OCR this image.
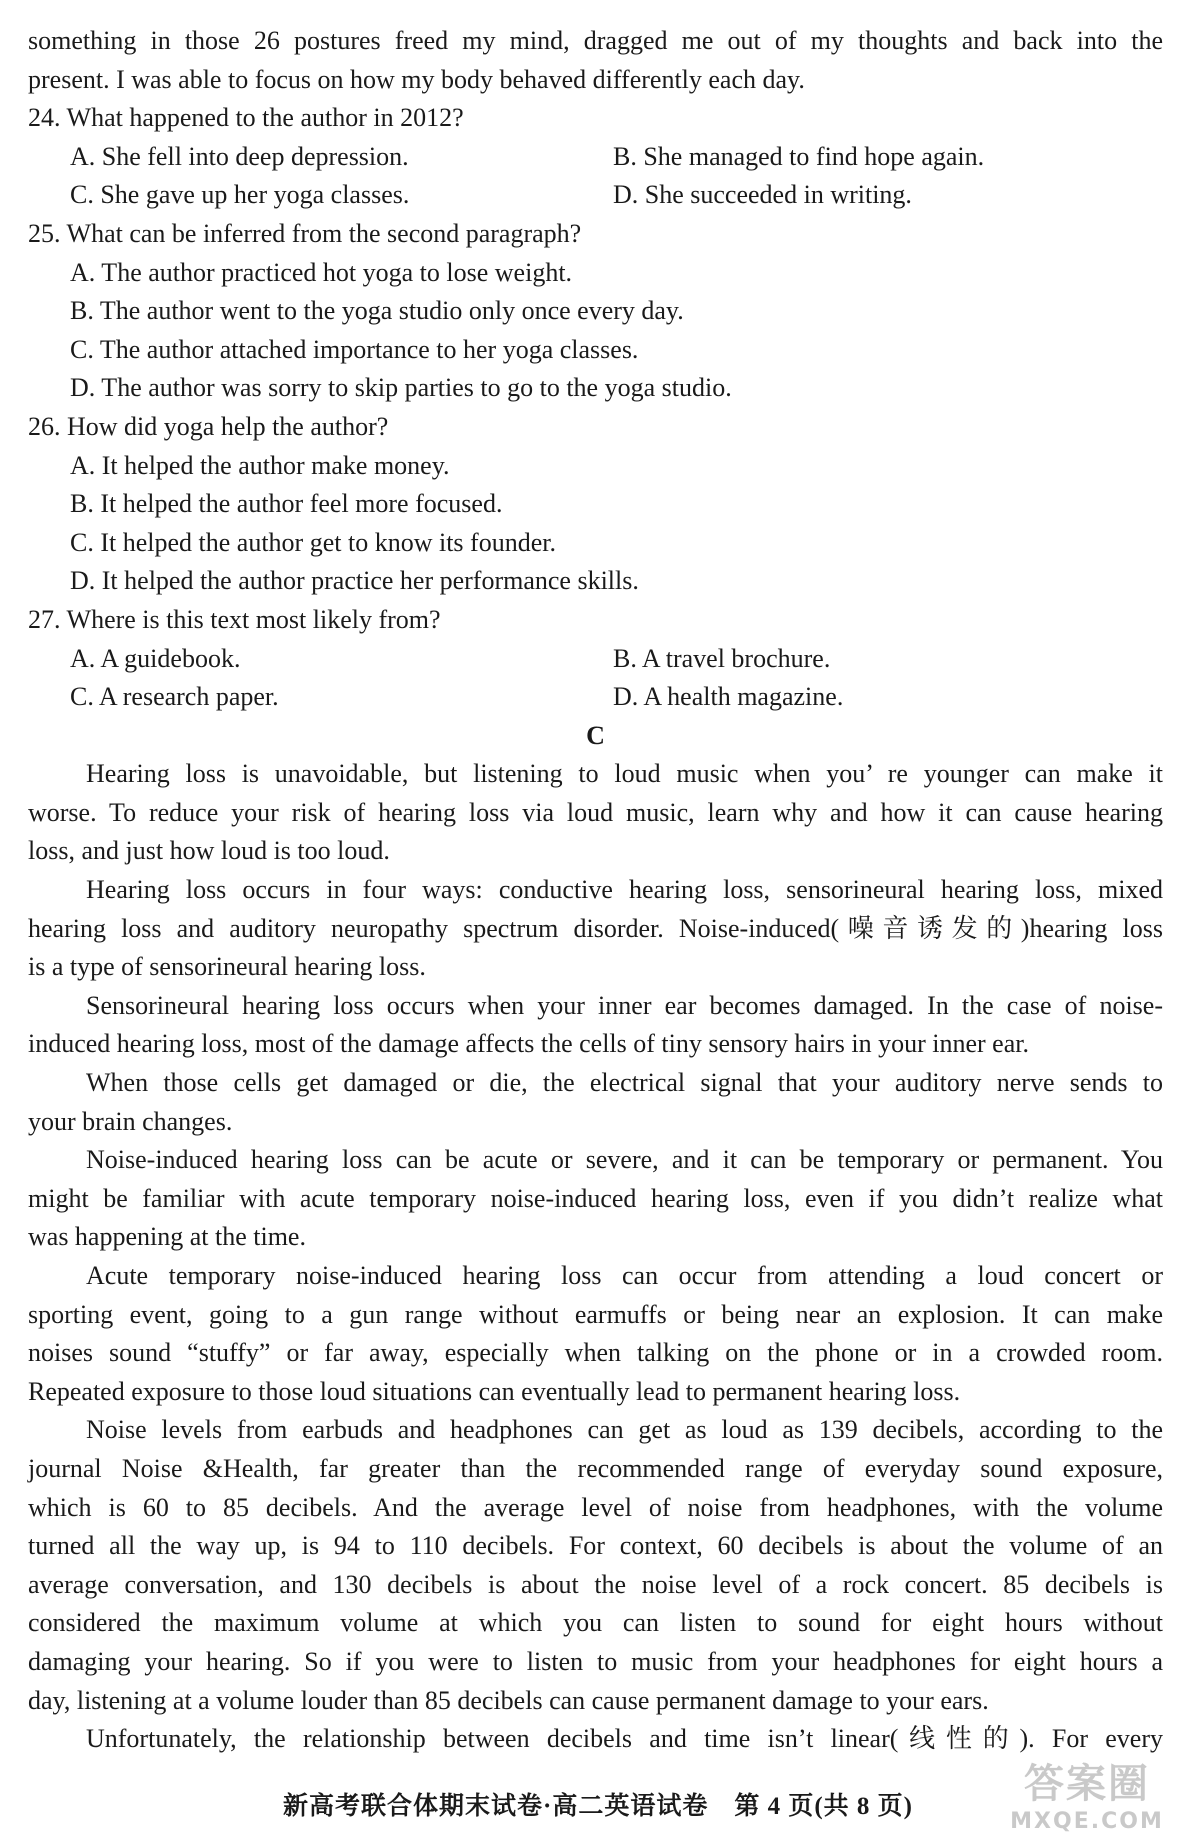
something in those 26 postures freed my mind, dragged me out of my thoughts and back into the
present. I was able to focus on how my body behaved differently each day.
24. What happened to the author in 2012?
A. She fell into deep depression.	B. She managed to find hope again.
C. She gave up her yoga classes.	D. She succeeded in writing.
25. What can be inferred from the second paragraph?
A. The author practiced hot yoga to lose weight.
B. The author went to the yoga studio only once every day.
C. The author attached importance to her yoga classes.
D. The author was sorry to skip parties to go to the yoga studio.
26. How did yoga help the author?
A. It helped the author make money.
B. It helped the author feel more focused.
C. It helped the author get to know its founder.
D. It helped the author practice her performance skills.
27. Where is this text most likely from?
A. A guidebook.	B. A travel brochure.
C. A research paper.	D. A health magazine.
C
Hearing loss is unavoidable, but listening to loud music when you’ re younger can make it
worse. To reduce your risk of hearing loss via loud music, learn why and how it can cause hearing
loss, and just how loud is too loud.
Hearing loss occurs in four ways: conductive hearing loss, sensorineural hearing loss, mixed
hearing loss and auditory neuropathy spectrum disorder. Noise-induced(噪音诱发的)hearing loss
is a type of sensorineural hearing loss.
Sensorineural hearing loss occurs when your inner ear becomes damaged. In the case of noise-
induced hearing loss, most of the damage affects the cells of tiny sensory hairs in your inner ear.
When those cells get damaged or die, the electrical signal that your auditory nerve sends to
your brain changes.
Noise-induced hearing loss can be acute or severe, and it can be temporary or permanent. You
might be familiar with acute temporary noise-induced hearing loss, even if you didn’t realize what
was happening at the time.
Acute temporary noise-induced hearing loss can occur from attending a loud concert or
sporting event, going to a gun range without earmuffs or being near an explosion. It can make
noises sound “stuffy” or far away, especially when talking on the phone or in a crowded room.
Repeated exposure to those loud situations can eventually lead to permanent hearing loss.
Noise levels from earbuds and headphones can get as loud as 139 decibels, according to the
journal Noise &Health, far greater than the recommended range of everyday sound exposure,
which is 60 to 85 decibels. And the average level of noise from headphones, with the volume
turned all the way up, is 94 to 110 decibels. For context, 60 decibels is about the volume of an
average conversation, and 130 decibels is about the noise level of a rock concert. 85 decibels is
considered the maximum volume at which you can listen to sound for eight hours without
damaging your hearing. So if you were to listen to music from your headphones for eight hours a
day, listening at a volume louder than 85 decibels can cause permanent damage to your ears.
Unfortunately, the relationship between decibels and time isn’t linear(线性的). For every
新高考联合体期末试卷·高二英语试卷　第 4 页(共 8 页)	答案圈
MXQE.COM
